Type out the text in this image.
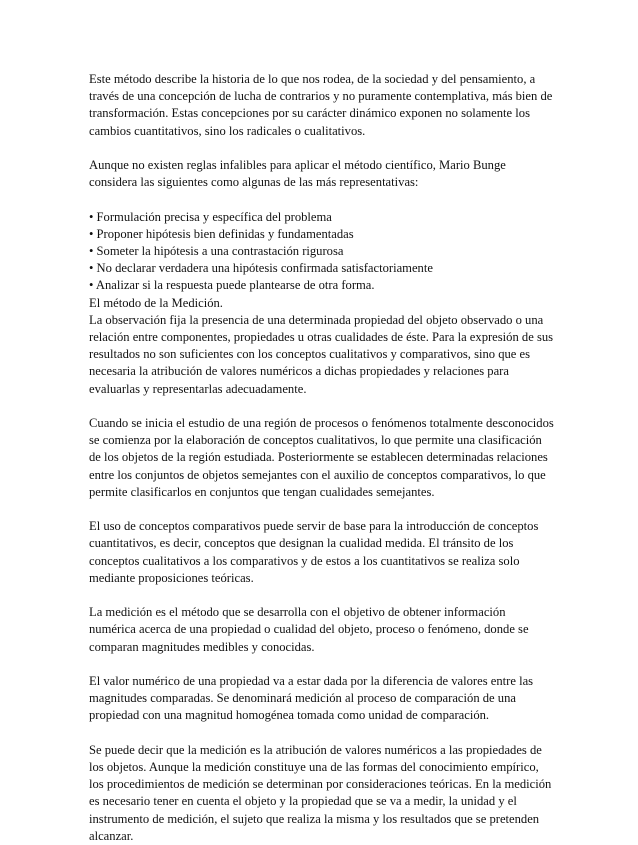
Este método describe la historia de lo que nos rodea, de la sociedad y del pensamiento, a través de una concepción de lucha de contrarios y no puramente contemplativa, más bien de transformación. Estas concepciones por su carácter dinámico exponen no solamente los cambios cuantitativos, sino los radicales o cualitativos.

Aunque no existen reglas infalibles para aplicar el método científico, Mario Bunge considera las siguientes como algunas de las más representativas:

• Formulación precisa y específica del problema
• Proponer hipótesis bien definidas y fundamentadas
• Someter la hipótesis a una contrastación rigurosa
• No declarar verdadera una hipótesis confirmada satisfactoriamente
• Analizar si la respuesta puede plantearse de otra forma.

El método de la Medición.

La observación fija la presencia de una determinada propiedad del objeto observado o una relación entre componentes, propiedades u otras cualidades de éste. Para la expresión de sus resultados no son suficientes con los conceptos cualitativos y comparativos, sino que es necesaria la atribución de valores numéricos a dichas propiedades y relaciones para evaluarlas y representarlas adecuadamente.

Cuando se inicia el estudio de una región de procesos o fenómenos totalmente desconocidos se comienza por la elaboración de conceptos cualitativos, lo que permite una clasificación de los objetos de la región estudiada. Posteriormente se establecen determinadas relaciones entre los conjuntos de objetos semejantes con el auxilio de conceptos comparativos, lo que permite clasificarlos en conjuntos que tengan cualidades semejantes.

El uso de conceptos comparativos puede servir de base para la introducción de conceptos cuantitativos, es decir, conceptos que designan la cualidad medida. El tránsito de los conceptos cualitativos a los comparativos y de estos a los cuantitativos se realiza solo mediante proposiciones teóricas.

La medición es el método que se desarrolla con el objetivo de obtener información numérica acerca de una propiedad o cualidad del objeto, proceso o fenómeno, donde se comparan magnitudes medibles y conocidas.

El valor numérico de una propiedad va a estar dada por la diferencia de valores entre las magnitudes comparadas. Se denominará medición al proceso de comparación de una propiedad con una magnitud homogénea tomada como unidad de comparación.

Se puede decir que la medición es la atribución de valores numéricos a las propiedades de los objetos. Aunque la medición constituye una de las formas del conocimiento empírico, los procedimientos de medición se determinan por consideraciones teóricas. En la medición es necesario tener en cuenta el objeto y la propiedad que se va a medir, la unidad y el instrumento de medición, el sujeto que realiza la misma y los resultados que se pretenden alcanzar.
